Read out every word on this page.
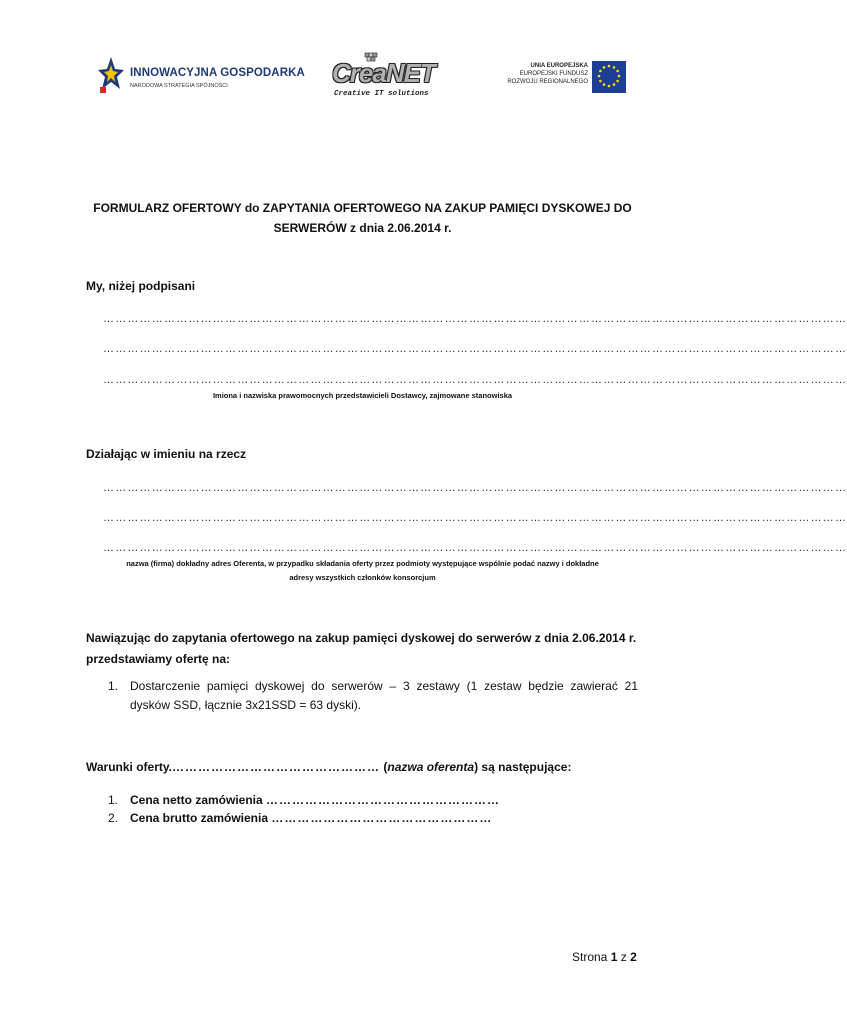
INNOWACYJNA GOSPODARKA
NARODOWA STRATEGIA SPÓJNOŚCI	CreaNET
Creative IT solutions
UNIA EUROPEJSKA
EUROPEJSKI FUNDUSZ
ROZWOJU REGIONALNEGO
FORMULARZ OFERTOWY do ZAPYTANIA OFERTOWEGO NA ZAKUP PAMIĘCI DYSKOWEJ DO
SERWERÓW z dnia 2.06.2014 r.
My, niżej podpisani
…………………………………………………………………………………………………………………………………………………………………
…………………………………………………………………………………………………………………………………………………………………
…………………………………………………………………………………………………………………………………………………………………
Imiona i nazwiska prawomocnych przedstawicieli Dostawcy, zajmowane stanowiska
Działając w imieniu na rzecz
…………………………………………………………………………………………………………………………………………………………………
…………………………………………………………………………………………………………………………………………………………………
…………………………………………………………………………………………………………………………………………………………………
nazwa (firma) dokładny adres Oferenta, w przypadku składania oferty przez podmioty występujące wspólnie podać nazwy i dokładne
adresy wszystkich członków konsorcjum
Nawiązując do zapytania ofertowego na zakup pamięci dyskowej do serwerów z dnia 2.06.2014 r.
przedstawiamy ofertę na:
1. Dostarczenie pamięci dyskowej do serwerów – 3 zestawy (1 zestaw będzie zawierać 21
dysków SSD, łącznie 3x21SSD = 63 dyski).
Warunki oferty.………………………………………… (nazwa oferenta) są następujące:
1. Cena netto zamówienia ………………………………………………
2. Cena brutto zamówienia ……………………………………………
Strona 1 z 2
